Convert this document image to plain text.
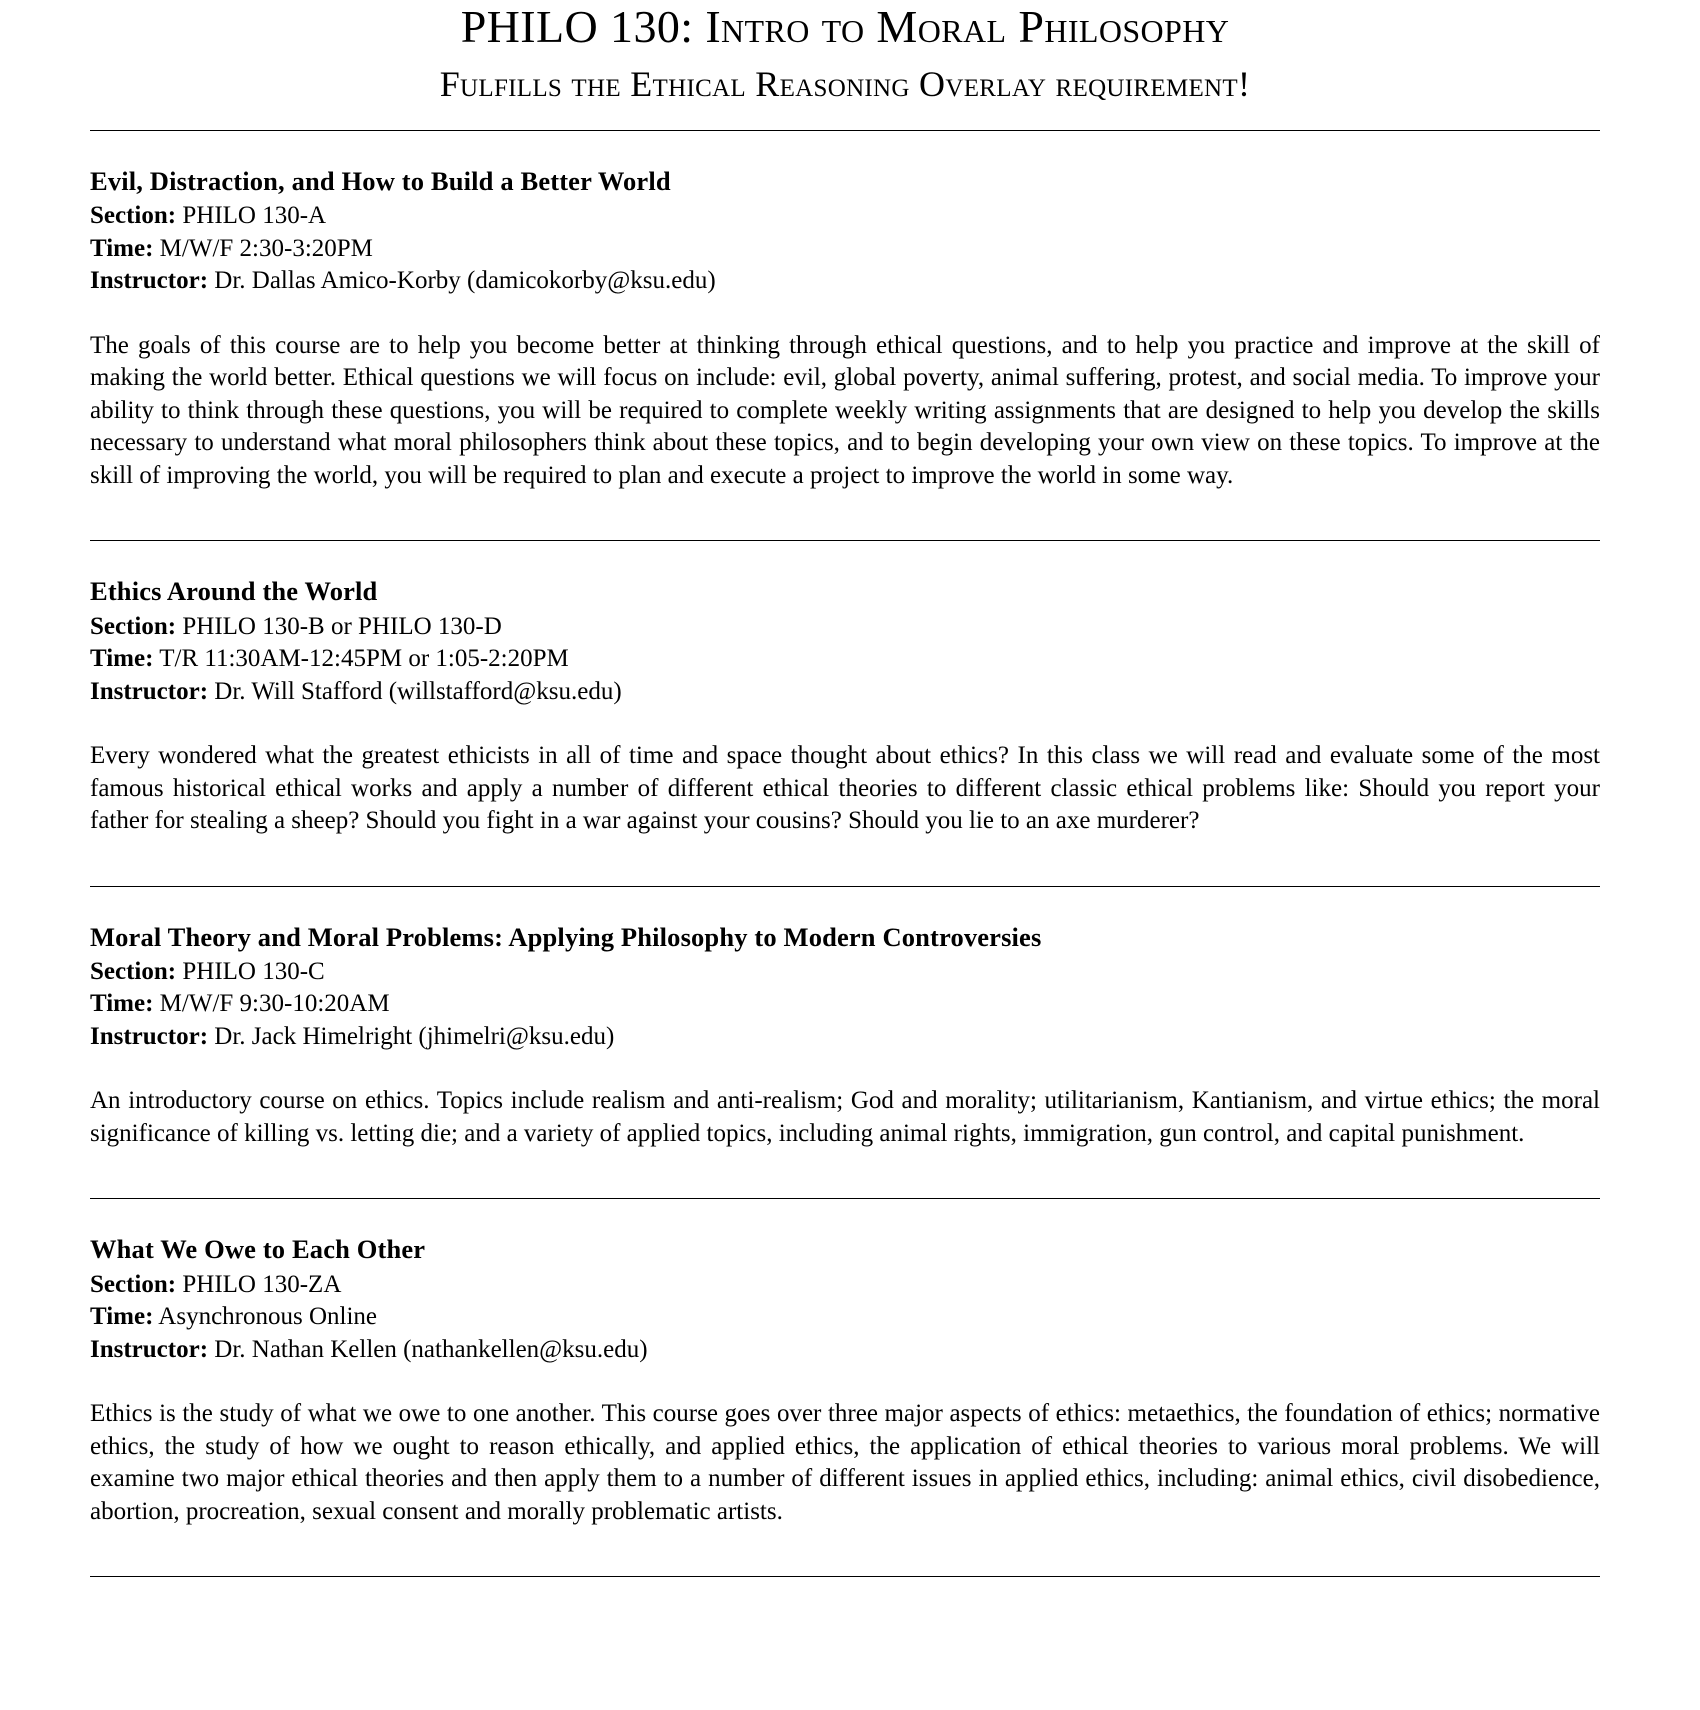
PHILO 130: Intro to Moral Philosophy
Fulfills the Ethical Reasoning Overlay requirement!
Evil, Distraction, and How to Build a Better World

Section: PHILO 130-A

Time: M/W/F 2:30-3:20PM

Instructor: Dr. Dallas Amico-Korby (damicokorby@ksu.edu)

The goals of this course are to help you become better at thinking through ethical questions, and to help you practice and improve at the skill of making the world better. Ethical questions we will focus on include: evil, global poverty, animal suffering, protest, and social media. To improve your ability to think through these questions, you will be required to complete weekly writing assignments that are designed to help you develop the skills necessary to understand what moral philosophers think about these topics, and to begin developing your own view on these topics. To improve at the skill of improving the world, you will be required to plan and execute a project to improve the world in some way.

Ethics Around the World

Section: PHILO 130-B or PHILO 130-D

Time: T/R 11:30AM-12:45PM or 1:05-2:20PM

Instructor: Dr. Will Stafford (willstafford@ksu.edu)

Every wondered what the greatest ethicists in all of time and space thought about ethics? In this class we will read and evaluate some of the most famous historical ethical works and apply a number of different ethical theories to different classic ethical problems like: Should you report your father for stealing a sheep? Should you fight in a war against your cousins? Should you lie to an axe murderer?

Moral Theory and Moral Problems: Applying Philosophy to Modern Controversies

Section: PHILO 130-C

Time: M/W/F 9:30-10:20AM

Instructor: Dr. Jack Himelright (jhimelri@ksu.edu)

An introductory course on ethics. Topics include realism and anti-realism; God and morality; utilitarianism, Kantianism, and virtue ethics; the moral significance of killing vs. letting die; and a variety of applied topics, including animal rights, immigration, gun control, and capital punishment.

What We Owe to Each Other

Section: PHILO 130-ZA

Time: Asynchronous Online

Instructor: Dr. Nathan Kellen (nathankellen@ksu.edu)

Ethics is the study of what we owe to one another. This course goes over three major aspects of ethics: metaethics, the foundation of ethics; normative ethics, the study of how we ought to reason ethically, and applied ethics, the application of ethical theories to various moral problems. We will examine two major ethical theories and then apply them to a number of different issues in applied ethics, including: animal ethics, civil disobedience, abortion, procreation, sexual consent and morally problematic artists.
